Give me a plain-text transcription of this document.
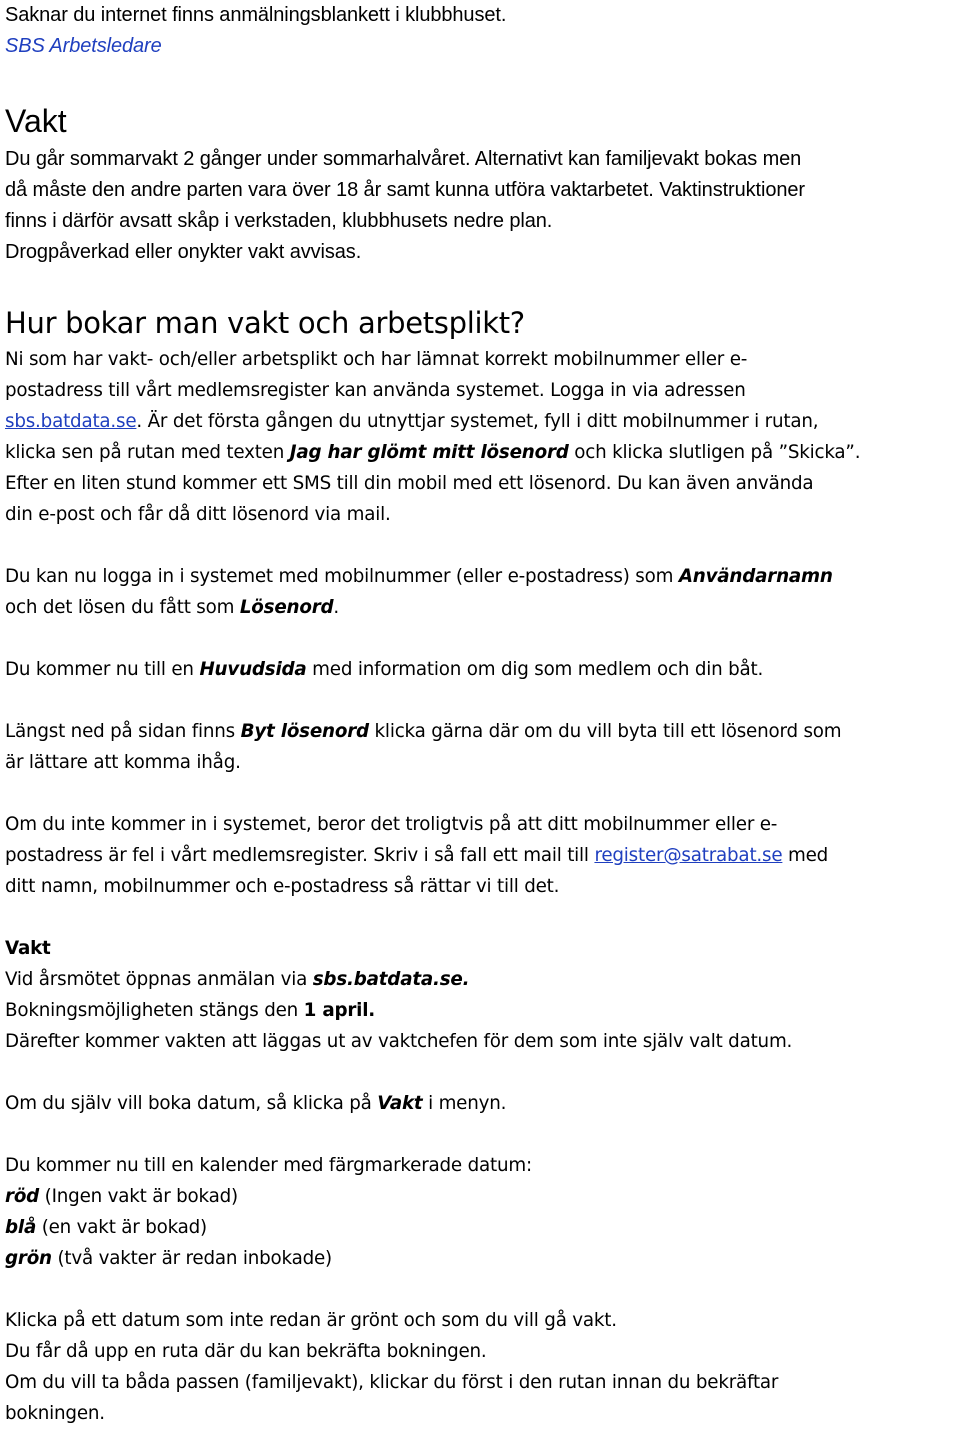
Saknar du internet finns anmälningsblankett i klubbhuset.
SBS Arbetsledare
Vakt
Du går sommarvakt 2 gånger under sommarhalvåret. Alternativt kan familjevakt bokas men
då måste den andre parten vara över 18 år samt kunna utföra vaktarbetet. Vaktinstruktioner
finns i därför avsatt skåp i verkstaden, klubbhusets nedre plan.
Drogpåverkad eller onykter vakt avvisas.
Hur bokar man vakt och arbetsplikt?
Ni som har vakt- och/eller arbetsplikt och har lämnat korrekt mobilnummer eller e-
postadress till vårt medlemsregister kan använda systemet. Logga in via adressen
sbs.batdata.se. Är det första gången du utnyttjar systemet, fyll i ditt mobilnummer i rutan,
klicka sen på rutan med texten Jag har glömt mitt lösenord och klicka slutligen på ”Skicka”.
Efter en liten stund kommer ett SMS till din mobil med ett lösenord. Du kan även använda
din e-post och får då ditt lösenord via mail.
Du kan nu logga in i systemet med mobilnummer (eller e-postadress) som Användarnamn
och det lösen du fått som Lösenord.
Du kommer nu till en Huvudsida med information om dig som medlem och din båt.
Längst ned på sidan finns Byt lösenord klicka gärna där om du vill byta till ett lösenord som
är lättare att komma ihåg.
Om du inte kommer in i systemet, beror det troligtvis på att ditt mobilnummer eller e-
postadress är fel i vårt medlemsregister. Skriv i så fall ett mail till register@satrabat.se med
ditt namn, mobilnummer och e-postadress så rättar vi till det.
Vakt
Vid årsmötet öppnas anmälan via sbs.batdata.se.
Bokningsmöjligheten stängs den 1 april.
Därefter kommer vakten att läggas ut av vaktchefen för dem som inte själv valt datum.
Om du själv vill boka datum, så klicka på Vakt i menyn.
Du kommer nu till en kalender med färgmarkerade datum:
röd (Ingen vakt är bokad)
blå (en vakt är bokad)
grön (två vakter är redan inbokade)
Klicka på ett datum som inte redan är grönt och som du vill gå vakt.
Du får då upp en ruta där du kan bekräfta bokningen.
Om du vill ta båda passen (familjevakt), klickar du först i den rutan innan du bekräftar
bokningen.
